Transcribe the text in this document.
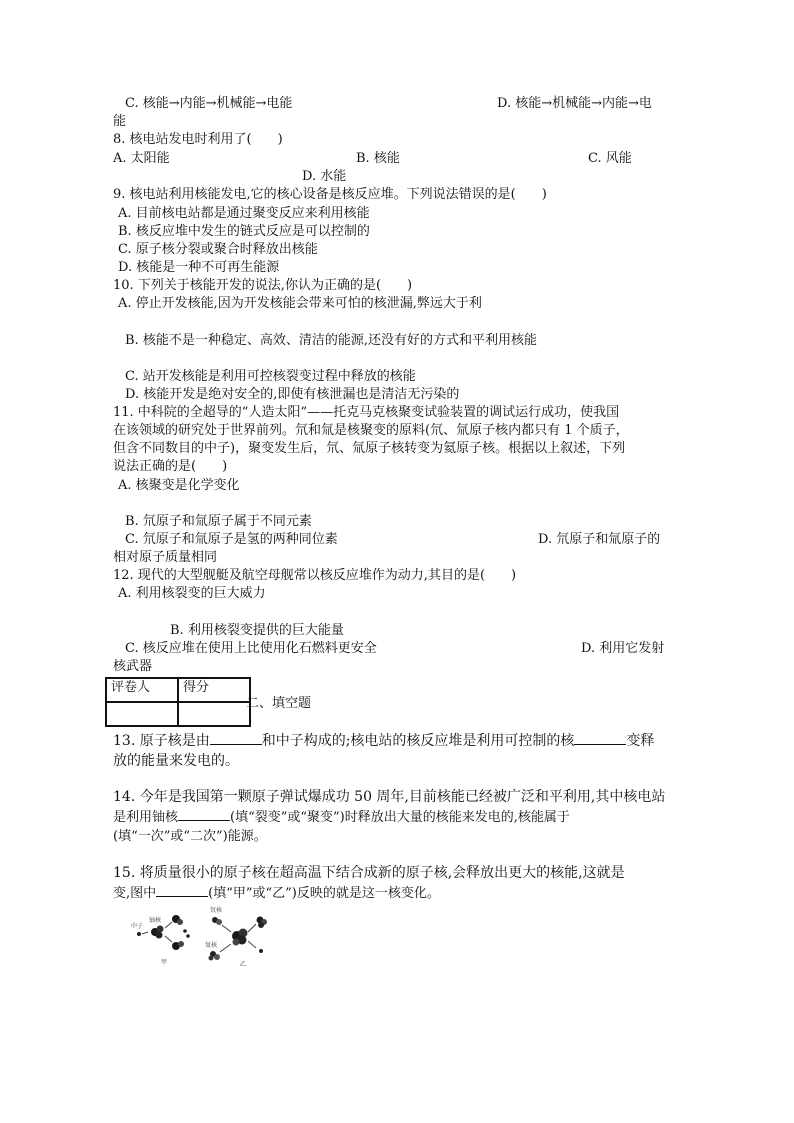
C. 核能→内能→机械能→电能	D. 核能→机械能→内能→电
能
8. 核电站发电时利用了(　　)
A. 太阳能	B. 核能	C. 风能
D. 水能
9. 核电站利用核能发电,它的核心设备是核反应堆。下列说法错误的是(　　)
A. 目前核电站都是通过聚变反应来利用核能
B. 核反应堆中发生的链式反应是可以控制的
C. 原子核分裂或聚合时释放出核能
D. 核能是一种不可再生能源
10. 下列关于核能开发的说法,你认为正确的是(　　)
A. 停止开发核能,因为开发核能会带来可怕的核泄漏,弊远大于利
B. 核能不是一种稳定、高效、清洁的能源,还没有好的方式和平利用核能
C. 站开发核能是利用可控核裂变过程中释放的核能
D. 核能开发是绝对安全的,即使有核泄漏也是清洁无污染的
11. 中科院的全超导的“人造太阳”——托克马克核聚变试验装置的调试运行成功，使我国
在该领域的研究处于世界前列。氘和氚是核聚变的原料(氘、氚原子核内都只有 1 个质子，
但含不同数目的中子)，聚变发生后，氘、氚原子核转变为氦原子核。根据以上叙述，下列
说法正确的是(　　)
A. 核聚变是化学变化
B. 氘原子和氚原子属于不同元素
C. 氘原子和氚原子是氢的两种同位素	D. 氘原子和氚原子的
相对原子质量相同
12. 现代的大型舰艇及航空母舰常以核反应堆作为动力,其目的是(　　)
A. 利用核裂变的巨大威力
B. 利用核裂变提供的巨大能量
C. 核反应堆在使用上比使用化石燃料更安全	D. 利用它发射
核武器
评卷人	得分

二、填空题
13. 原子核是由	和中子构成的;核电站的核反应堆是利用可控制的核	变释
放的能量来发电的。
14. 今年是我国第一颗原子弹试爆成功 50 周年,目前核能已经被广泛和平利用,其中核电站
是利用铀核	(填“裂变”或“聚变”)时释放出大量的核能来发电的,核能属于
(填“一次”或“二次”)能源。
15. 将质量很小的原子核在超高温下结合成新的原子核,会释放出更大的核能,这就是
变,图中	(填“甲”或“乙”)反映的就是这一核变化。
中子
铀核
甲
氘核
氚核
乙
